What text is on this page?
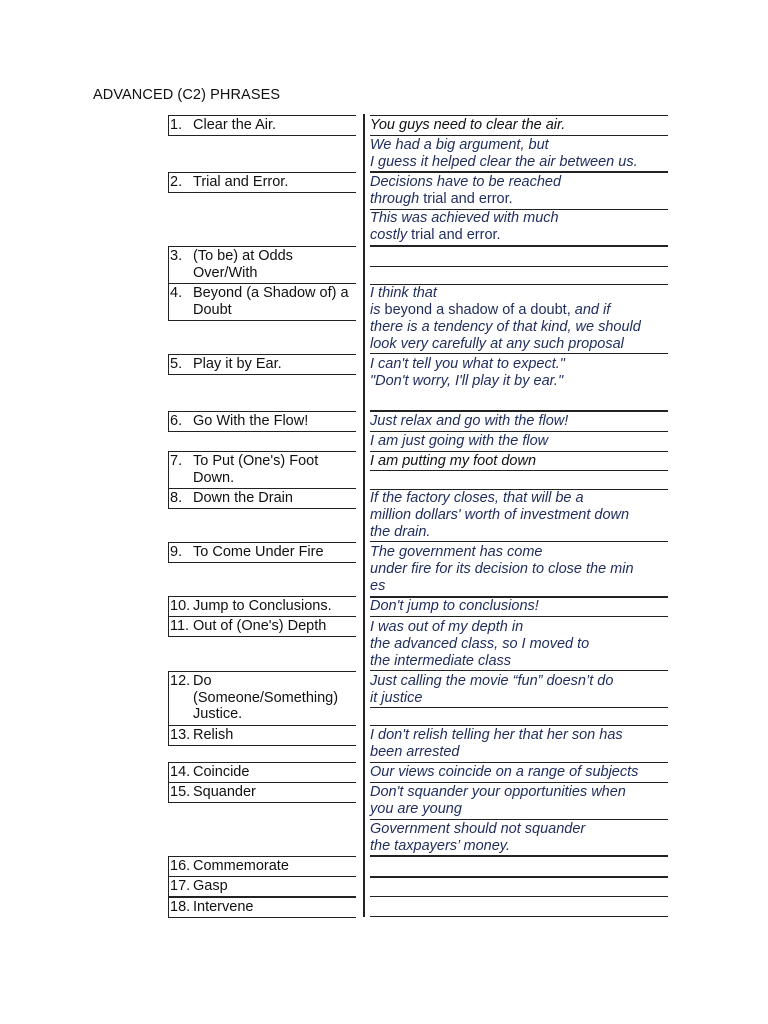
ADVANCED (C2) PHRASES
1. Clear the Air.
2. Trial and Error.
3. (To be) at Odds Over/With
4. Beyond (a Shadow of) a Doubt
5. Play it by Ear.
6. Go With the Flow!
7. To Put (One's) Foot Down.
8. Down the Drain
9. To Come Under Fire
10. Jump to Conclusions.
11. Out of (One's) Depth
12. Do (Someone/Something) Justice.
13. Relish
14. Coincide
15. Squander
16. Commemorate
17. Gasp
18. Intervene
You guys need to clear the air.
We had a big argument, but
I guess it helped clear the air between us.
Decisions have to be reached
through trial and error.
This was achieved with much
costly trial and error.
I think that
is beyond a shadow of a doubt, and if
there is a tendency of that kind, we should
look very carefully at any such proposal
I can't tell you what to expect."
"Don't worry, I'll play it by ear."
Just relax and go with the flow!
I am just going with the flow
I am putting my foot down
If the factory closes, that will be a
million dollars' worth of investment down
the drain.
The government has come
under fire for its decision to close the min
es
Don't jump to conclusions!
I was out of my depth in
the advanced class, so I moved to
the intermediate class
Just calling the movie “fun” doesn’t do
it justice
I don't relish telling her that her son has
been arrested
Our views coincide on a range of subjects
Don't squander your opportunities when
you are young
Government should not squander
the taxpayers’ money.
